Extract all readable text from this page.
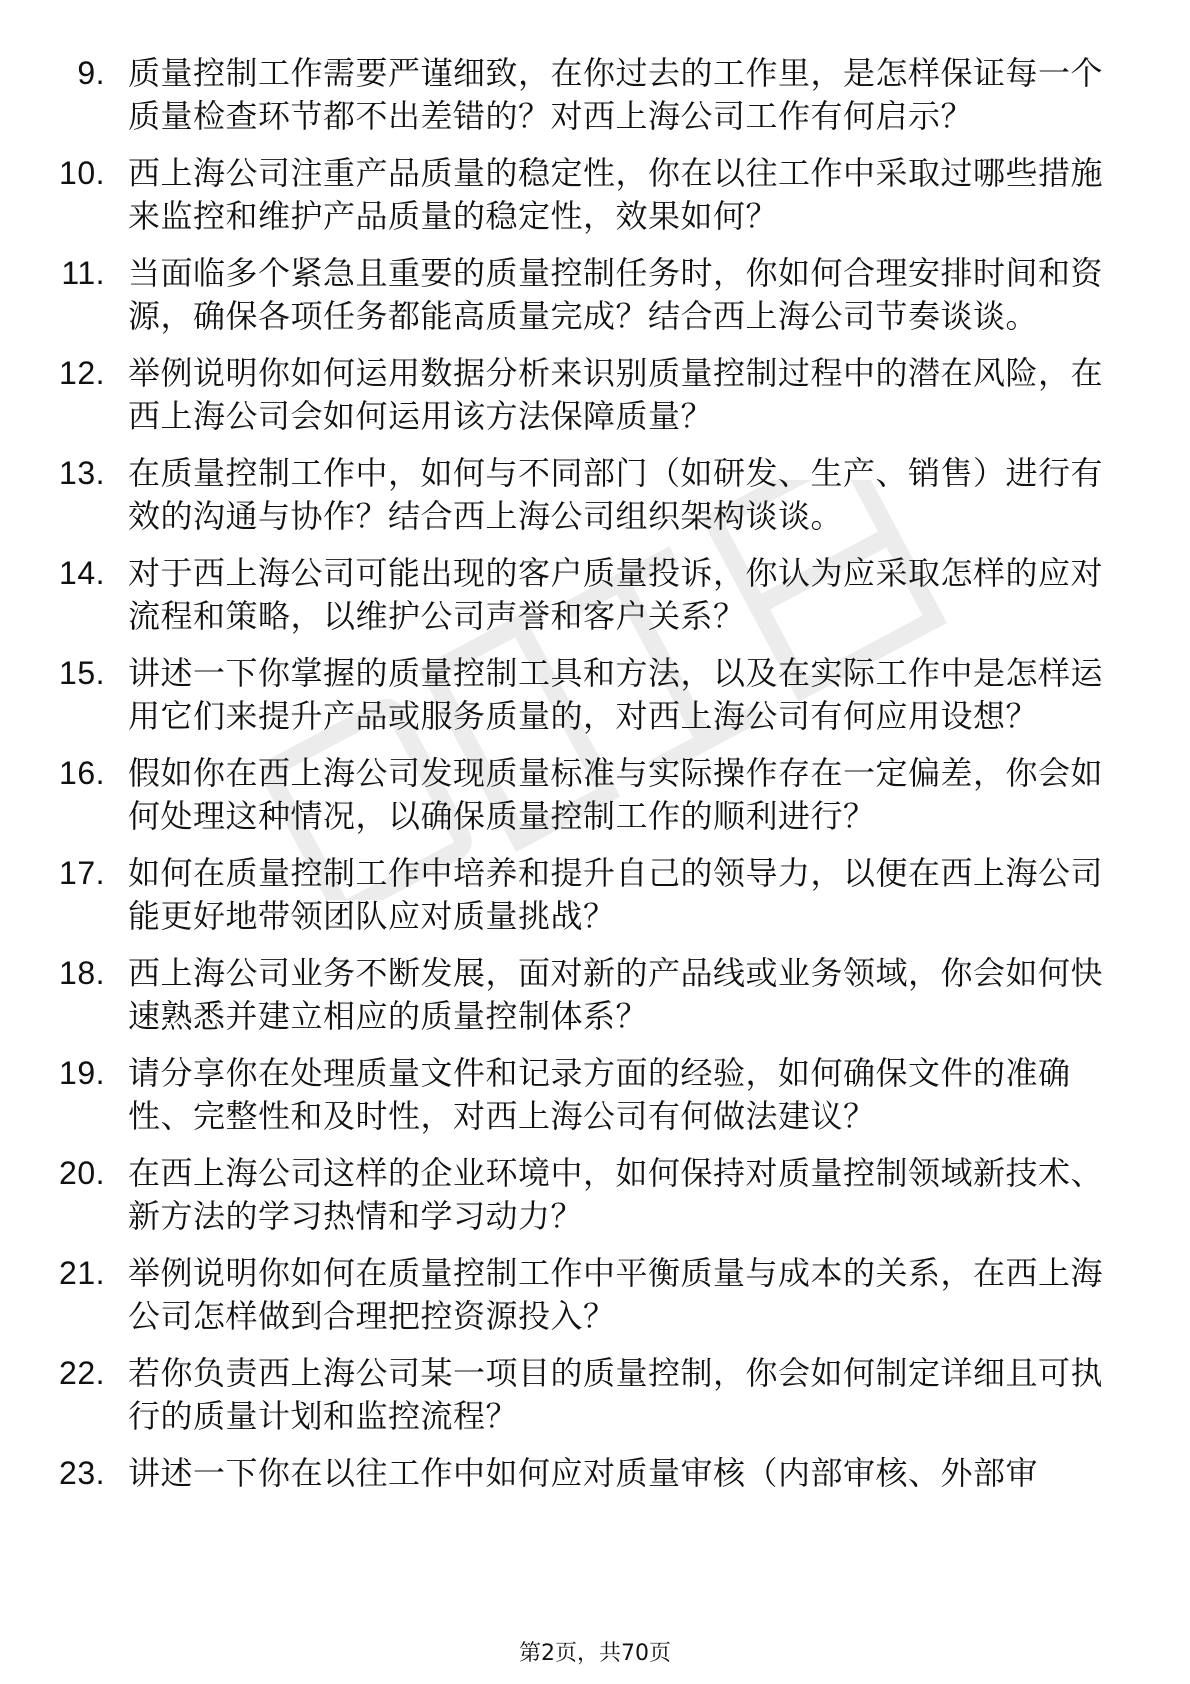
9. 质量控制工作需要严谨细致，在你过去的工作里，是怎样保证每一个质量检查环节都不出差错的？对西上海公司工作有何启示？
10. 西上海公司注重产品质量的稳定性，你在以往工作中采取过哪些措施来监控和维护产品质量的稳定性，效果如何？
11. 当面临多个紧急且重要的质量控制任务时，你如何合理安排时间和资源，确保各项任务都能高质量完成？结合西上海公司节奏谈谈。
12. 举例说明你如何运用数据分析来识别质量控制过程中的潜在风险，在西上海公司会如何运用该方法保障质量？
13. 在质量控制工作中，如何与不同部门（如研发、生产、销售）进行有效的沟通与协作？结合西上海公司组织架构谈谈。
14. 对于西上海公司可能出现的客户质量投诉，你认为应采取怎样的应对流程和策略，以维护公司声誉和客户关系？
15. 讲述一下你掌握的质量控制工具和方法，以及在实际工作中是怎样运用它们来提升产品或服务质量的，对西上海公司有何应用设想？
16. 假如你在西上海公司发现质量标准与实际操作存在一定偏差，你会如何处理这种情况，以确保质量控制工作的顺利进行？
17. 如何在质量控制工作中培养和提升自己的领导力，以便在西上海公司能更好地带领团队应对质量挑战？
18. 西上海公司业务不断发展，面对新的产品线或业务领域，你会如何快速熟悉并建立相应的质量控制体系？
19. 请分享你在处理质量文件和记录方面的经验，如何确保文件的准确性、完整性和及时性，对西上海公司有何做法建议？
20. 在西上海公司这样的企业环境中，如何保持对质量控制领域新技术、新方法的学习热情和学习动力？
21. 举例说明你如何在质量控制工作中平衡质量与成本的关系，在西上海公司怎样做到合理把控资源投入？
22. 若你负责西上海公司某一项目的质量控制，你会如何制定详细且可执行的质量计划和监控流程？
23. 讲述一下你在以往工作中如何应对质量审核（内部审核、外部审
第2页，共70页
